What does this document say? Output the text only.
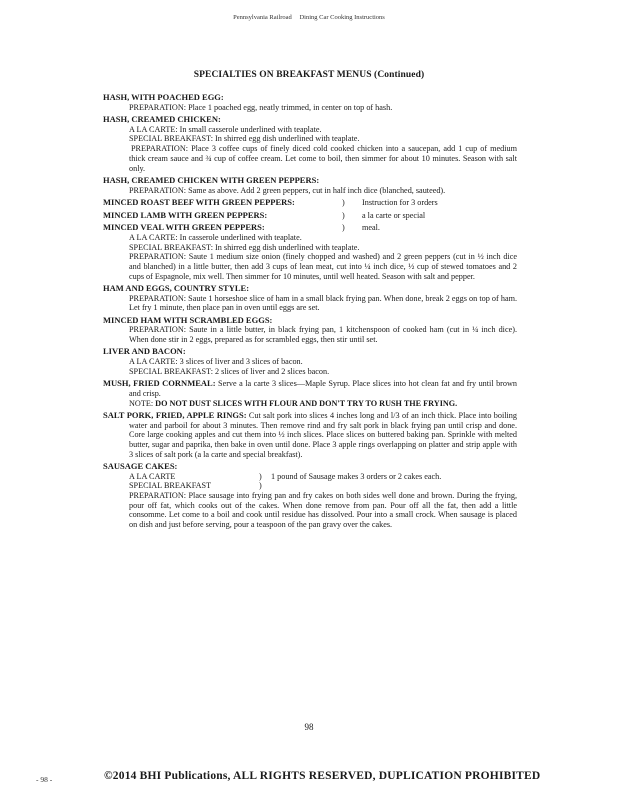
Pennsylvania Railroad Dining Car Cooking Instructions
SPECIALTIES ON BREAKFAST MENUS (Continued)
HASH, WITH POACHED EGG:

PREPARATION: Place 1 poached egg, neatly trimmed, in center on top of hash.

HASH, CREAMED CHICKEN:

A LA CARTE: In small casserole underlined with teaplate.

SPECIAL BREAKFAST: In shirred egg dish underlined with teaplate.

PREPARATION: Place 3 coffee cups of finely diced cold cooked chicken into a saucepan, add 1 cup of medium thick cream sauce and ¾ cup of coffee cream. Let come to boil, then simmer for about 10 minutes. Season with salt only.

HASH, CREAMED CHICKEN WITH GREEN PEPPERS:

PREPARATION: Same as above. Add 2 green peppers, cut in half inch dice (blanched, sauteed).

MINCED ROAST BEEF WITH GREEN PEPPERS:	)	Instruction for 3 orders
MINCED LAMB WITH GREEN PEPPERS:	)	a la carte or special
MINCED VEAL WITH GREEN PEPPERS:	)	meal.

A LA CARTE: In casserole underlined with teaplate.

SPECIAL BREAKFAST: In shirred egg dish underlined with teaplate.

PREPARATION: Saute 1 medium size onion (finely chopped and washed) and 2 green peppers (cut in ½ inch dice and blanched) in a little butter, then add 3 cups of lean meat, cut into ¼ inch dice, ½ cup of stewed tomatoes and 2 cups of Espagnole, mix well. Then simmer for 10 minutes, until well heated. Season with salt and pepper.

HAM AND EGGS, COUNTRY STYLE:

PREPARATION: Saute 1 horseshoe slice of ham in a small black frying pan. When done, break 2 eggs on top of ham. Let fry 1 minute, then place pan in oven until eggs are set.

MINCED HAM WITH SCRAMBLED EGGS:

PREPARATION: Saute in a little butter, in black frying pan, 1 kitchenspoon of cooked ham (cut in ¼ inch dice). When done stir in 2 eggs, prepared as for scrambled eggs, then stir until set.

LIVER AND BACON:

A LA CARTE: 3 slices of liver and 3 slices of bacon.

SPECIAL BREAKFAST: 2 slices of liver and 2 slices bacon.

MUSH, FRIED CORNMEAL: Serve a la carte 3 slices—Maple Syrup. Place slices into hot clean fat and fry until brown and crisp.

NOTE: DO NOT DUST SLICES WITH FLOUR AND DON'T TRY TO RUSH THE FRYING.

SALT PORK, FRIED, APPLE RINGS: Cut salt pork into slices 4 inches long and l/3 of an inch thick. Place into boiling water and parboil for about 3 minutes. Then remove rind and fry salt pork in black frying pan until crisp and done. Core large cooking apples and cut them into ½ inch slices. Place slices on buttered baking pan. Sprinkle with melted butter, sugar and paprika, then bake in oven until done. Place 3 apple rings overlapping on platter and strip apple with 3 slices of salt pork (a la carte and special breakfast).
SAUSAGE CAKES:
A LA CARTE	)	1 pound of Sausage makes 3 orders or 2 cakes each.
SPECIAL BREAKFAST	)

PREPARATION: Place sausage into frying pan and fry cakes on both sides well done and brown. During the frying, pour off fat, which cooks out of the cakes. When done remove from pan. Pour off all the fat, then add a little consomme. Let come to a boil and cook until residue has dissolved. Pour into a small crock. When sausage is placed on dish and just before serving, pour a teaspoon of the pan gravy over the cakes.

98
- 98 -	©2014 BHI Publications, ALL RIGHTS RESERVED, DUPLICATION PROHIBITED
